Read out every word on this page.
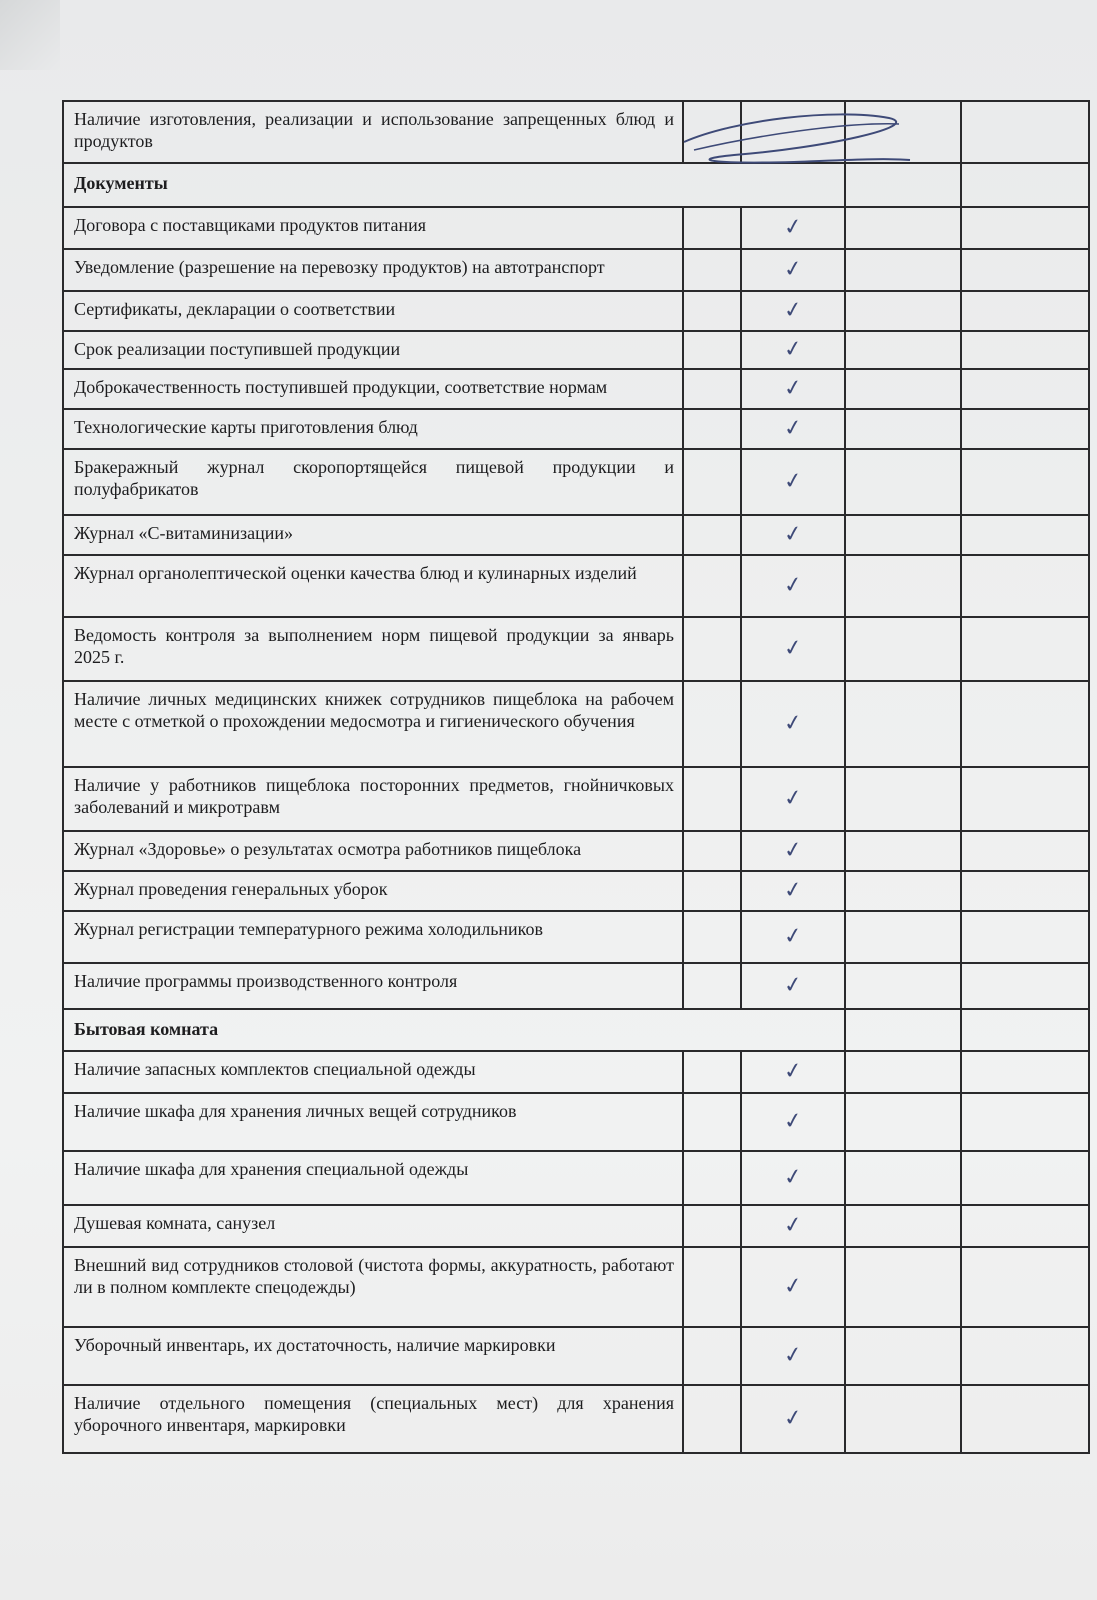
Наличие изготовления, реализации и использование запрещенных блюд и продуктов				
Документы				
Договора с поставщиками продуктов питания		✓		
Уведомление (разрешение на перевозку продуктов) на автотранспорт		✓		
Сертификаты, декларации о соответствии		✓		
Срок реализации поступившей продукции		✓		
Доброкачественность поступившей продукции, соответствие нормам		✓		
Технологические карты приготовления блюд		✓		
Бракеражный журнал скоропортящейся пищевой продукции и полуфабрикатов		✓		
Журнал «С-витаминизации»		✓		
Журнал органолептической оценки качества блюд и кулинарных изделий		✓		
Ведомость контроля за выполнением норм пищевой продукции за январь 2025 г.		✓		
Наличие личных медицинских книжек сотрудников пищеблока на рабочем месте с отметкой о прохождении медосмотра и гигиенического обучения		✓		
Наличие у работников пищеблока посторонних предметов, гнойничковых заболеваний и микротравм		✓		
Журнал «Здоровье» о результатах осмотра работников пищеблока		✓		
Журнал проведения генеральных уборок		✓		
Журнал регистрации температурного режима холодильников		✓		
Наличие программы производственного контроля		✓		
Бытовая комната				
Наличие запасных комплектов специальной одежды		✓		
Наличие шкафа для хранения личных вещей сотрудников		✓		
Наличие шкафа для хранения специальной одежды		✓		
Душевая комната, санузел		✓		
Внешний вид сотрудников столовой (чистота формы, аккуратность, работают ли в полном комплекте спецодежды)		✓		
Уборочный инвентарь, их достаточность, наличие маркировки		✓		
Наличие отдельного помещения (специальных мест) для хранения уборочного инвентаря, маркировки		✓		
